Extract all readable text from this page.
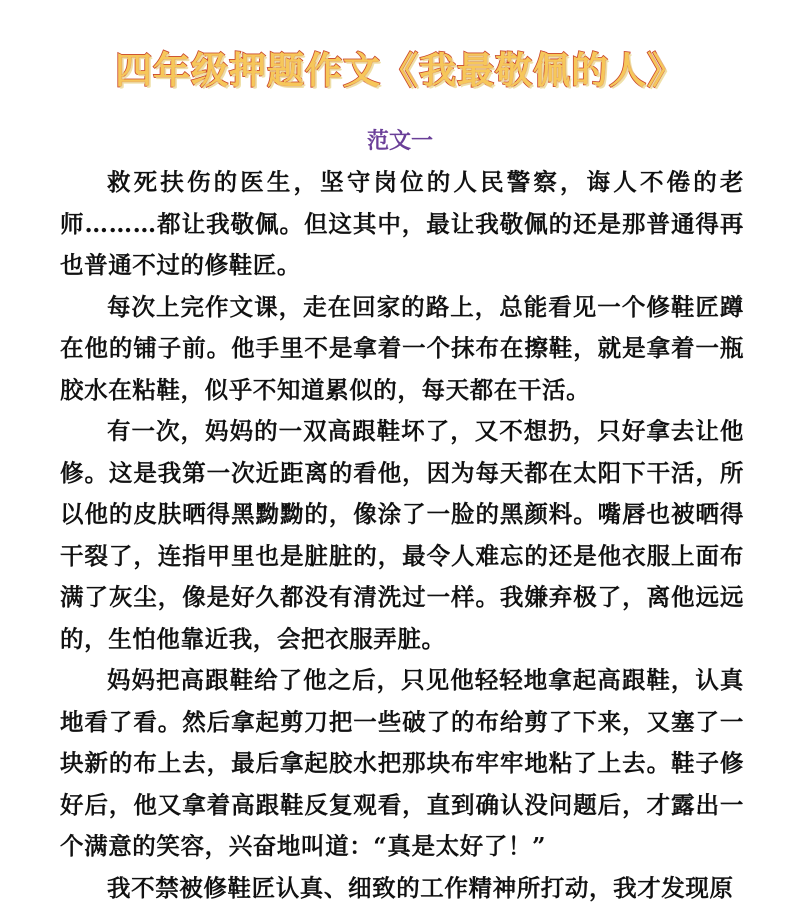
四年级押题作文《我最敬佩的人》
范文一

救死扶伤的医生，坚守岗位的人民警察，诲人不倦的老师………都让我敬佩。但这其中，最让我敬佩的还是那普通得再也普通不过的修鞋匠。

每次上完作文课，走在回家的路上，总能看见一个修鞋匠蹲在他的铺子前。他手里不是拿着一个抹布在擦鞋，就是拿着一瓶胶水在粘鞋，似乎不知道累似的，每天都在干活。

有一次，妈妈的一双高跟鞋坏了，又不想扔，只好拿去让他修。这是我第一次近距离的看他，因为每天都在太阳下干活，所以他的皮肤晒得黑黝黝的，像涂了一脸的黑颜料。嘴唇也被晒得干裂了，连指甲里也是脏脏的，最令人难忘的还是他衣服上面布满了灰尘，像是好久都没有清洗过一样。我嫌弃极了，离他远远的，生怕他靠近我，会把衣服弄脏。

妈妈把高跟鞋给了他之后，只见他轻轻地拿起高跟鞋，认真地看了看。然后拿起剪刀把一些破了的布给剪了下来，又塞了一块新的布上去，最后拿起胶水把那块布牢牢地粘了上去。鞋子修好后，他又拿着高跟鞋反复观看，直到确认没问题后，才露出一个满意的笑容，兴奋地叫道：“真是太好了！”

我不禁被修鞋匠认真、细致的工作精神所打动，我才发现原
